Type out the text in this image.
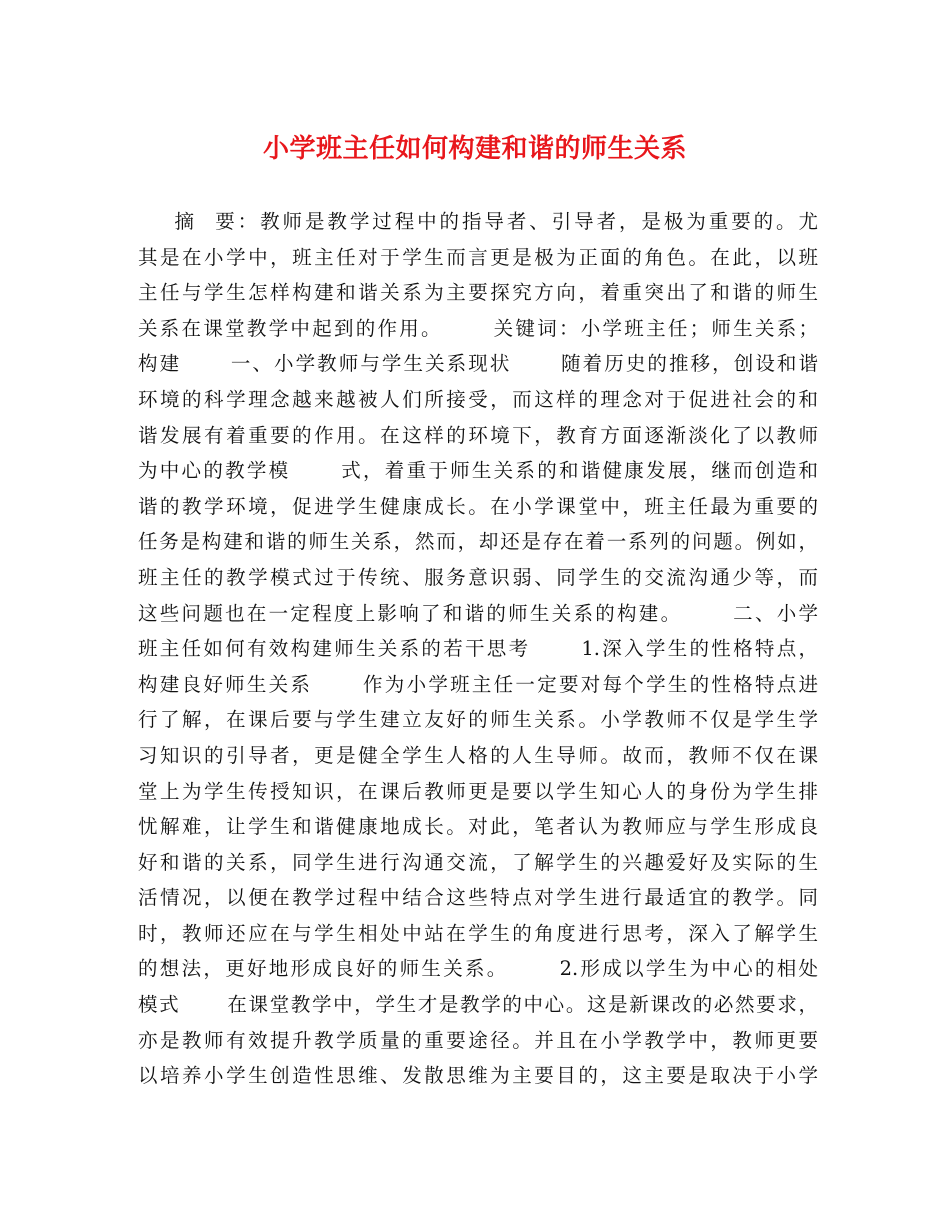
小学班主任如何构建和谐的师生关系
摘  要：教师是教学过程中的指导者、引导者，是极为重要的。尤
其是在小学中，班主任对于学生而言更是极为正面的角色。在此，以班
主任与学生怎样构建和谐关系为主要探究方向，着重突出了和谐的师生
关系在课堂教学中起到的作用。      关键词：小学班主任；师生关系；
构建      一、小学教师与学生关系现状      随着历史的推移，创设和谐
环境的科学理念越来越被人们所接受，而这样的理念对于促进社会的和
谐发展有着重要的作用。在这样的环境下，教育方面逐渐淡化了以教师
为中心的教学模      式，着重于师生关系的和谐健康发展，继而创造和
谐的教学环境，促进学生健康成长。在小学课堂中，班主任最为重要的
任务是构建和谐的师生关系，然而，却还是存在着一系列的问题。例如，
班主任的教学模式过于传统、服务意识弱、同学生的交流沟通少等，而
这些问题也在一定程度上影响了和谐的师生关系的构建。      二、小学
班主任如何有效构建师生关系的若干思考      1.深入学生的性格特点，
构建良好师生关系      作为小学班主任一定要对每个学生的性格特点进
行了解，在课后要与学生建立友好的师生关系。小学教师不仅是学生学
习知识的引导者，更是健全学生人格的人生导师。故而，教师不仅在课
堂上为学生传授知识，在课后教师更是要以学生知心人的身份为学生排
忧解难，让学生和谐健康地成长。对此，笔者认为教师应与学生形成良
好和谐的关系，同学生进行沟通交流，了解学生的兴趣爱好及实际的生
活情况，以便在教学过程中结合这些特点对学生进行最适宜的教学。同
时，教师还应在与学生相处中站在学生的角度进行思考，深入了解学生
的想法，更好地形成良好的师生关系。      2.形成以学生为中心的相处
模式      在课堂教学中，学生才是教学的中心。这是新课改的必然要求，
亦是教师有效提升教学质量的重要途径。并且在小学教学中，教师更要
以培养小学生创造性思维、发散思维为主要目的，这主要是取决于小学
